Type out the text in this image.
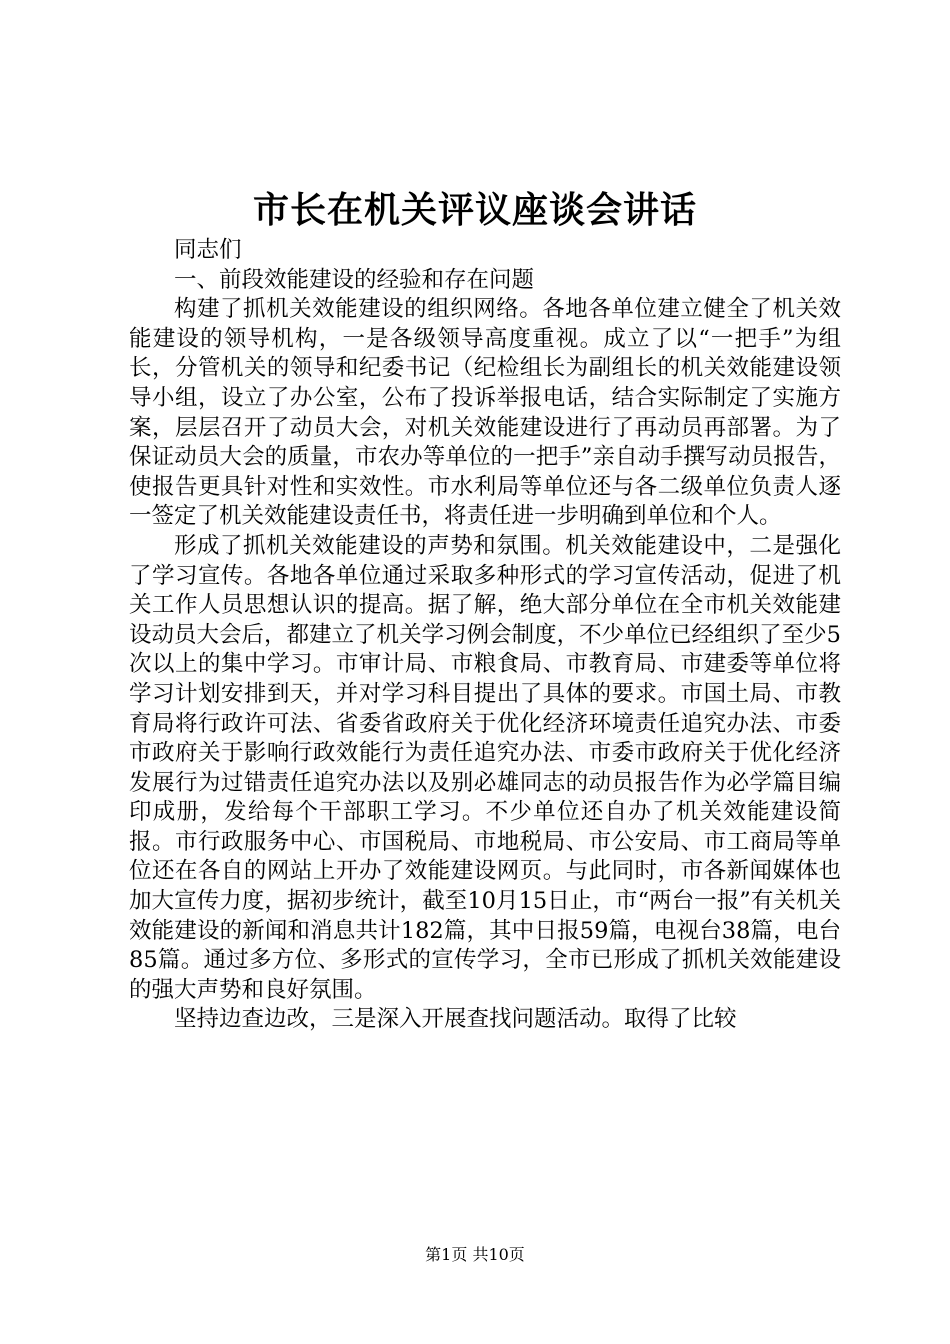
市长在机关评议座谈会讲话

同志们

一、前段效能建设的经验和存在问题

构建了抓机关效能建设的组织网络。各地各单位建立健全了机关效能建设的领导机构，一是各级领导高度重视。成立了以“一把手”为组长，分管机关的领导和纪委书记（纪检组长为副组长的机关效能建设领导小组，设立了办公室，公布了投诉举报电话，结合实际制定了实施方案，层层召开了动员大会，对机关效能建设进行了再动员再部署。为了保证动员大会的质量，市农办等单位的一把手”亲自动手撰写动员报告，使报告更具针对性和实效性。市水利局等单位还与各二级单位负责人逐一签定了机关效能建设责任书，将责任进一步明确到单位和个人。

形成了抓机关效能建设的声势和氛围。机关效能建设中，二是强化了学习宣传。各地各单位通过采取多种形式的学习宣传活动，促进了机关工作人员思想认识的提高。据了解，绝大部分单位在全市机关效能建设动员大会后，都建立了机关学习例会制度，不少单位已经组织了至少5次以上的集中学习。市审计局、市粮食局、市教育局、市建委等单位将学习计划安排到天，并对学习科目提出了具体的要求。市国土局、市教育局将行政许可法、省委省政府关于优化经济环境责任追究办法、市委市政府关于影响行政效能行为责任追究办法、市委市政府关于优化经济发展行为过错责任追究办法以及别必雄同志的动员报告作为必学篇目编印成册，发给每个干部职工学习。不少单位还自办了机关效能建设简报。市行政服务中心、市国税局、市地税局、市公安局、市工商局等单位还在各自的网站上开办了效能建设网页。与此同时，市各新闻媒体也加大宣传力度，据初步统计，截至10月15日止，市“两台一报”有关机关效能建设的新闻和消息共计182篇，其中日报59篇，电视台38篇，电台85篇。通过多方位、多形式的宣传学习，全市已形成了抓机关效能建设的强大声势和良好氛围。

坚持边查边改，三是深入开展查找问题活动。取得了比较

第1页 共10页
